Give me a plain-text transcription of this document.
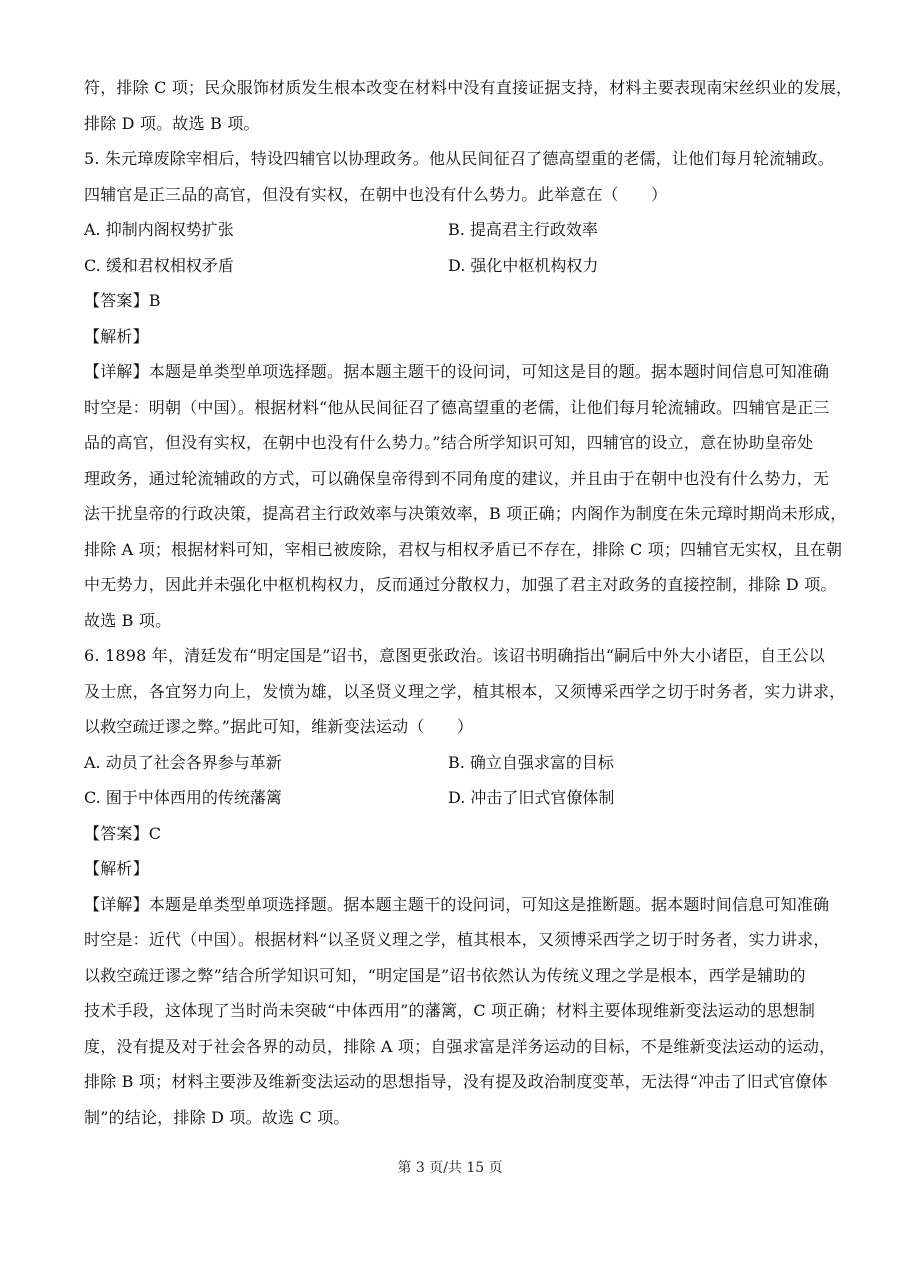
符，排除 C 项；民众服饰材质发生根本改变在材料中没有直接证据支持，材料主要表现南宋丝织业的发展，
排除 D 项。故选 B 项。
5. 朱元璋废除宰相后，特设四辅官以协理政务。他从民间征召了德高望重的老儒，让他们每月轮流辅政。
四辅官是正三品的高官，但没有实权，在朝中也没有什么势力。此举意在（　　）
A. 抑制内阁权势扩张	B. 提高君主行政效率
C. 缓和君权相权矛盾	D. 强化中枢机构权力
【答案】B
【解析】
【详解】本题是单类型单项选择题。据本题主题干的设问词，可知这是目的题。据本题时间信息可知准确
时空是：明朝（中国）。根据材料“他从民间征召了德高望重的老儒，让他们每月轮流辅政。四辅官是正三
品的高官，但没有实权，在朝中也没有什么势力。”结合所学知识可知，四辅官的设立，意在协助皇帝处
理政务，通过轮流辅政的方式，可以确保皇帝得到不同角度的建议，并且由于在朝中也没有什么势力，无
法干扰皇帝的行政决策，提高君主行政效率与决策效率，B 项正确；内阁作为制度在朱元璋时期尚未形成，
排除 A 项；根据材料可知，宰相已被废除，君权与相权矛盾已不存在，排除 C 项；四辅官无实权，且在朝
中无势力，因此并未强化中枢机构权力，反而通过分散权力，加强了君主对政务的直接控制，排除 D 项。
故选 B 项。
6. 1898 年，清廷发布“明定国是”诏书，意图更张政治。该诏书明确指出“嗣后中外大小诸臣，自王公以
及士庶，各宜努力向上，发愤为雄，以圣贤义理之学，植其根本，又须博采西学之切于时务者，实力讲求，
以救空疏迂谬之弊。”据此可知，维新变法运动（　　）
A. 动员了社会各界参与革新	B. 确立自强求富的目标
C. 囿于中体西用的传统藩篱	D. 冲击了旧式官僚体制
【答案】C
【解析】
【详解】本题是单类型单项选择题。据本题主题干的设问词，可知这是推断题。据本题时间信息可知准确
时空是：近代（中国）。根据材料“以圣贤义理之学，植其根本，又须博采西学之切于时务者，实力讲求，
以救空疏迂谬之弊”结合所学知识可知，“明定国是”诏书依然认为传统义理之学是根本，西学是辅助的
技术手段，这体现了当时尚未突破“中体西用”的藩篱，C 项正确；材料主要体现维新变法运动的思想制
度，没有提及对于社会各界的动员，排除 A 项；自强求富是洋务运动的目标，不是维新变法运动的运动，
排除 B 项；材料主要涉及维新变法运动的思想指导，没有提及政治制度变革，无法得“冲击了旧式官僚体
制”的结论，排除 D 项。故选 C 项。
第 3 页/共 15 页
